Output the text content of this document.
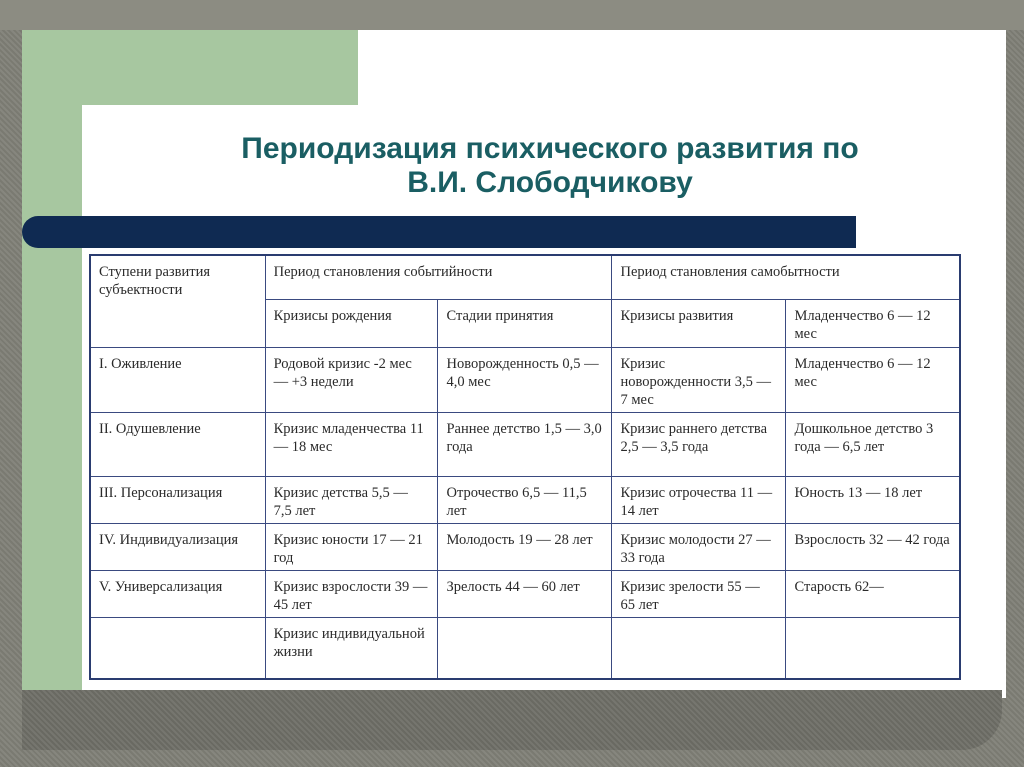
Периодизация психического развития по
В.И. Слободчикову
Ступени развития субъектности	Период становления событийности		Период становления самобытности	
	Кризисы рождения	Стадии принятия	Кризисы развития	Младенчество 6 — 12 мес
I. Оживление	Родовой кризис -2 мес — +3 недели	Новорожденность 0,5 — 4,0 мес	Кризис новорожденности 3,5 — 7 мес	Младенчество 6 — 12 мес
II. Одушевление	Кризис младенчества 11 — 18 мес	Раннее детство 1,5 — 3,0 года	Кризис раннего детства 2,5 — 3,5 года	Дошкольное детство 3 года — 6,5 лет
III. Персонализация	Кризис детства 5,5 — 7,5 лет	Отрочество 6,5 — 11,5 лет	Кризис отрочества 11 — 14 лет	Юность 13 — 18 лет
IV. Индивидуализация	Кризис юности 17 — 21 год	Молодость 19 — 28 лет	Кризис молодости 27 — 33 года	Взрослость 32 — 42 года
V. Универсализация	Кризис взрослости 39 — 45 лет	Зрелость 44 — 60 лет	Кризис зрелости 55 — 65 лет	Старость 62—
	Кризис индивидуальной жизни			
